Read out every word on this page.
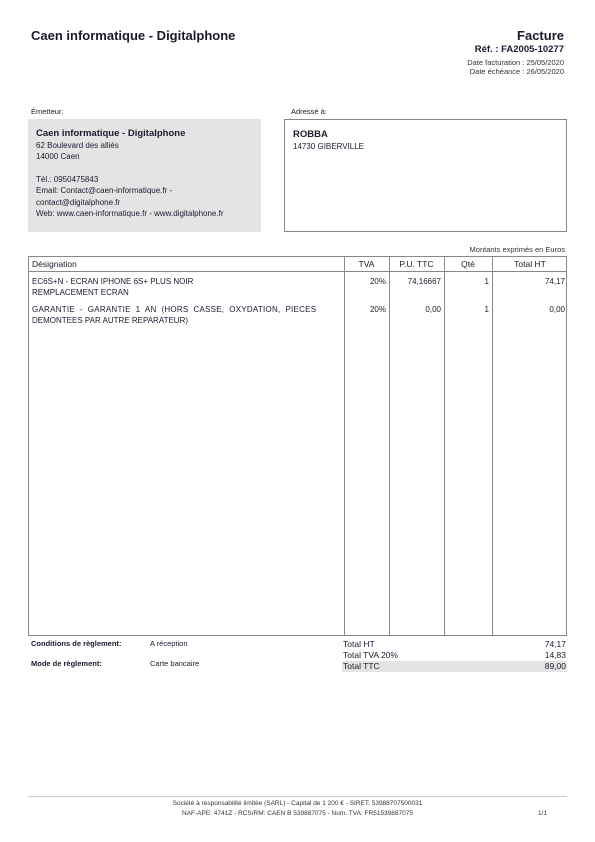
Caen informatique - Digitalphone	Facture
Réf. : FA2005-10277
Date facturation : 25/05/2020
Date échéance : 26/05/2020
Émetteur:
Caen informatique - Digitalphone
62 Boulevard des alliés
14000 Caen
Tél.: 0950475843
Email: Contact@caen-informatique.fr -
contact@digitalphone.fr
Web: www.caen-informatique.fr - www.digitalphone.fr
Adressé à:
ROBBA
14730 GIBERVILLE
Montants exprimés en Euros
Désignation	TVA	P.U. TTC	Qté	Total HT
EC6S+N - ECRAN IPHONE 6S+ PLUS NOIR
REMPLACEMENT ECRAN
20%	74,16667	1	74,17
GARANTIE - GARANTIE 1 AN (HORS CASSE, OXYDATION, PIECES
DEMONTEES PAR AUTRE REPARATEUR)
20%	0,00	1	0,00
Conditions de règlement:	A réception
Mode de règlement:	Carte bancaire
Total HT	74,17
Total TVA 20%	14,83
Total TTC	89,00
Société à responsabilité limitée (SARL) - Capital de 1 200 € - SIRET: 53988707500031
NAF-APE: 4741Z - RCS/RM: CAEN B 539887075 - Num. TVA: FR51539887075	1/1
